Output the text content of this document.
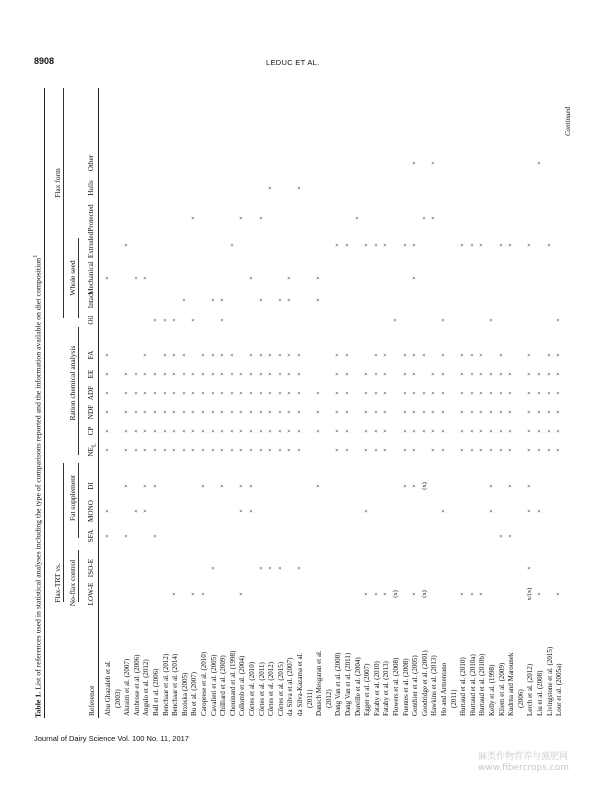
8908	LEDUC ET AL.
Table 1. List of references used in statistical analyses including the type of comparisons reported and the information available on diet composition$^1$
Flax-TRT vs.
Flax form
No-flax control
Fat supplement
Ration chemical analysis
Whole seed
Reference
LOW-E
ISO-E
SFA
MONO
DI
$NE_L$
CP
NDF
ADF
EE
FA
Oil
Intact
Mechanical
Extruded
Protected
Hulls
Other
Abu Ghazaleh et al.
×
×
×
×
×
×
×
×
×
(2003) Akraim et al. (2007)
×
×
×
×
×
×
×
×
Ambrose et al. (2006)
×
×
×
×
×
×
×
Angulo et al. (2012)
×
×
×
×
×
×
×
×
×
Ball et al. (2006)
×
×
×
×
×
×
×
×
Benchaar et al. (2012)
×
×
×
×
×
×
×
Benchaar et al. (2014)
×
×
×
×
×
×
×
×
Brzóska (2005)
×
×
×
×
×
×
×
Bu et al. (2007)
×
×
×
×
×
×
×
×
Caroprese et al. (2010)
×
×
×
×
×
×
×
×
Cavalieri et al. (2005)
×
×
×
×
×
×
×
×
Chilliard et al. (2009)
×
×
×
×
×
×
×
×
×
Chouinard et al. (1998)
×
×
×
×
×
×
×
Collomb et al. (2004)
×
×
×
×
×
×
×
×
×
Côrtes et al. (2010)
×
×
×
×
×
×
×
×
×
Côrtes et al. (2011)
×
×
×
×
×
×
×
×
×
Côrtes et al. (2012)
×
×
×
×
×
×
×
×
Côrtes et al. (2015)
×
×
×
×
×
×
×
×
da Silva et al. (2007)
×
×
×
×
×
×
×
×
da Silva-Kazama et al.
×
×
×
×
×
×
×
×
(2011) Dansch Mesgaran et al.
×
×
×
×
×
×
(2012) Dang Van et al. (2008)
×
×
×
×
×
×
×
Dang Van et al. (2011)
×
×
×
×
×
×
×
Doreille et al. (2004)
×
Egger et al. (2007)
×
×
×
×
×
×
×
×
Fatahy et al. (2010)
×
×
×
×
×
×
×
×
Fatahy et al. (2013)
×
×
×
×
×
×
×
×
Flowers et al. (2008)
(x)
×
Fuentes et al. (2008)
×
×
×
×
×
×
×
×
Gonthier et al. (2005)
×
×
×
×
×
×
×
×
×
×
×
Goodridge et al. (2001)
(x)
(x)
×
×
×
×
×
Hawkins et al. (2013)
×
×
×
×
×
×
×
Ho and Armentano
×
×
×
×
×
×
×
×
(2011) Hurtaud et al. (2010)
×
×
×
×
×
×
×
×
Hurtaud et al. (2010a)
×
×
×
×
×
×
×
×
Hurtaud et al. (2010b)
×
×
×
×
×
×
×
×
Kelly et al. (1998)
×
×
×
×
×
×
×
×
Kliem et al. (2009)
×
×
×
×
×
×
×
×
Kudrna and Marounek
×
×
×
×
×
×
×
×
(2006) Lerch et al. (2012)
x/(x)
×
×
×
×
×
×
×
×
×
×
Liu et al. (2008)
×
×
×
×
×
×
×
×
Livingstone et al. (2015)
×
×
×
×
×
×
×
Loor et al. (2005a)
×
×
×
×
×
×
×
×
Continued
Journal of Dairy Science Vol. 100 No. 11, 2017
麻类作物营养与施肥网
www.fibercrops.com
